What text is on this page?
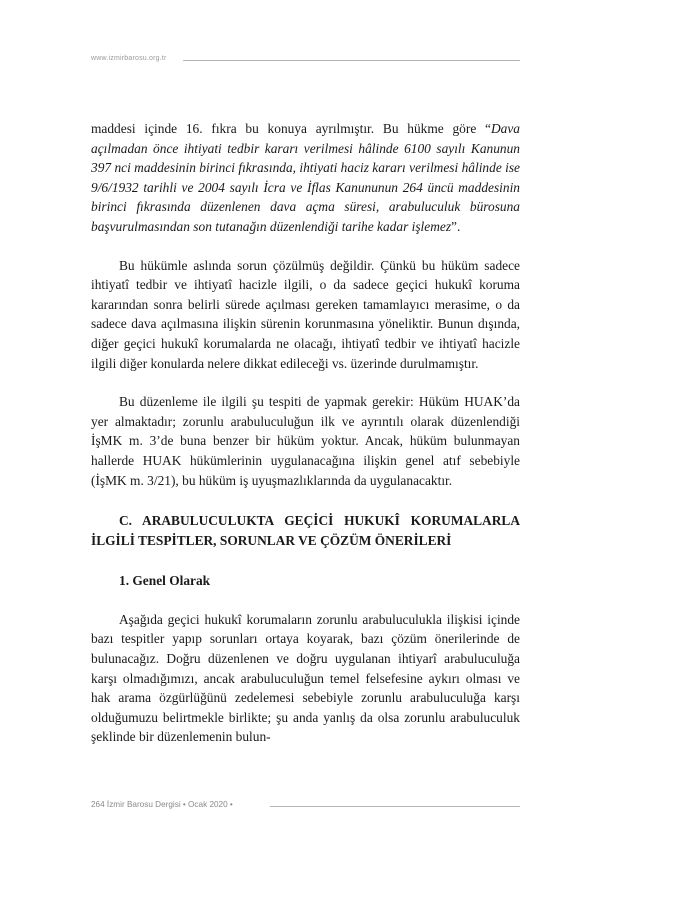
www.izmirbarosu.org.tr

maddesi içinde 16. fıkra bu konuya ayrılmıştır. Bu hükme göre “Dava açılmadan önce ihtiyati tedbir kararı verilmesi hâlinde 6100 sayılı Kanunun 397 nci maddesinin birinci fıkrasında, ihtiyati haciz kararı verilmesi hâlinde ise 9/6/1932 tarihli ve 2004 sayılı İcra ve İflas Kanununun 264 üncü maddesinin birinci fıkrasında düzenlenen dava açma süresi, arabuluculuk bürosuna başvurulmasından son tutanağın düzenlendiği tarihe kadar işlemez”.

Bu hükümle aslında sorun çözülmüş değildir. Çünkü bu hüküm sadece ihtiyatî tedbir ve ihtiyatî hacizle ilgili, o da sadece geçici hukukî koruma kararından sonra belirli sürede açılması gereken tamamlayıcı merasime, o da sadece dava açılmasına ilişkin sürenin korunmasına yöneliktir. Bunun dışında, diğer geçici hukukî korumalarda ne olacağı, ihtiyatî tedbir ve ihtiyatî hacizle ilgili diğer konularda nelere dikkat edileceği vs. üzerinde durulmamıştır.

Bu düzenleme ile ilgili şu tespiti de yapmak gerekir: Hüküm HUAK’da yer almaktadır; zorunlu arabuluculuğun ilk ve ayrıntılı olarak düzenlendiği İşMK m. 3’de buna benzer bir hüküm yoktur. Ancak, hüküm bulunmayan hallerde HUAK hükümlerinin uygulanacağına ilişkin genel atıf sebebiyle (İşMK m. 3/21), bu hüküm iş uyuşmazlıklarında da uygulanacaktır.

C. ARABULUCULUKTA GEÇİCİ HUKUKÎ KORUMALARLA İLGİLİ TESPİTLER, SORUNLAR VE ÇÖZÜM ÖNERİLERİ
1. Genel Olarak

Aşağıda geçici hukukî korumaların zorunlu arabuluculukla ilişkisi içinde bazı tespitler yapıp sorunları ortaya koyarak, bazı çözüm önerilerinde de bulunacağız. Doğru düzenlenen ve doğru uygulanan ihtiyarî arabuluculuğa karşı olmadığımızı, ancak arabuluculuğun temel felsefesine aykırı olması ve hak arama özgürlüğünü zedelemesi sebebiyle zorunlu arabuluculuğa karşı olduğumuzu belirtmekle birlikte; şu anda yanlış da olsa zorunlu arabuluculuk şeklinde bir düzenlemenin bulun-

264 İzmir Barosu Dergisi • Ocak 2020 •
